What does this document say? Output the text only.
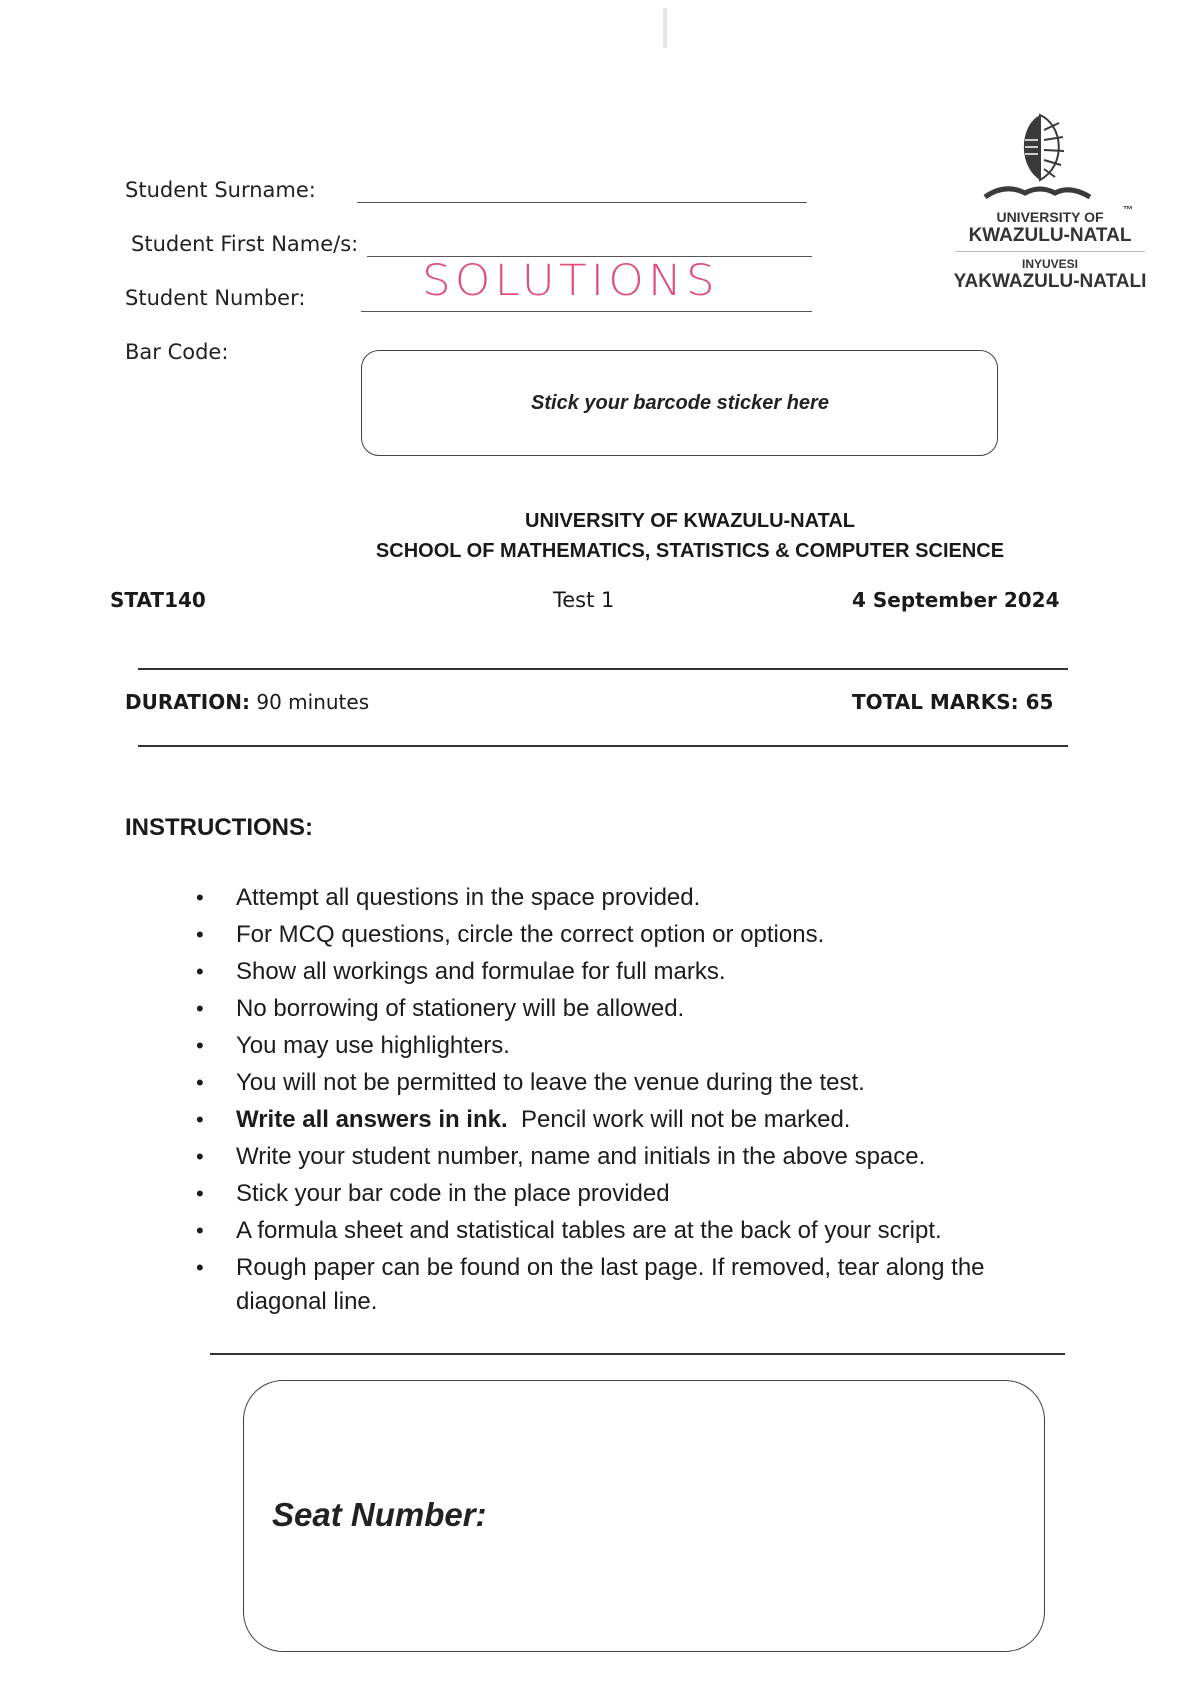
Student Surname:
Student First Name/s:
Student Number:	SOLUTIONS
Bar Code:
Stick your barcode sticker here
UNIVERSITY OF	™
KWAZULU-NATAL
INYUVESI
YAKWAZULU-NATALI
UNIVERSITY OF KWAZULU-NATAL
SCHOOL OF MATHEMATICS, STATISTICS & COMPUTER SCIENCE
STAT140	Test 1	4 September 2024
DURATION: 90 minutes	TOTAL MARKS: 65
INSTRUCTIONS:
• Attempt all questions in the space provided.
• For MCQ questions, circle the correct option or options.
• Show all workings and formulae for full marks.
• No borrowing of stationery will be allowed.
• You may use highlighters.
• You will not be permitted to leave the venue during the test.
• Write all answers in ink. Pencil work will not be marked.
• Write your student number, name and initials in the above space.
• Stick your bar code in the place provided
• A formula sheet and statistical tables are at the back of your script.
• Rough paper can be found on the last page. If removed, tear along the diagonal line.
Seat Number:
